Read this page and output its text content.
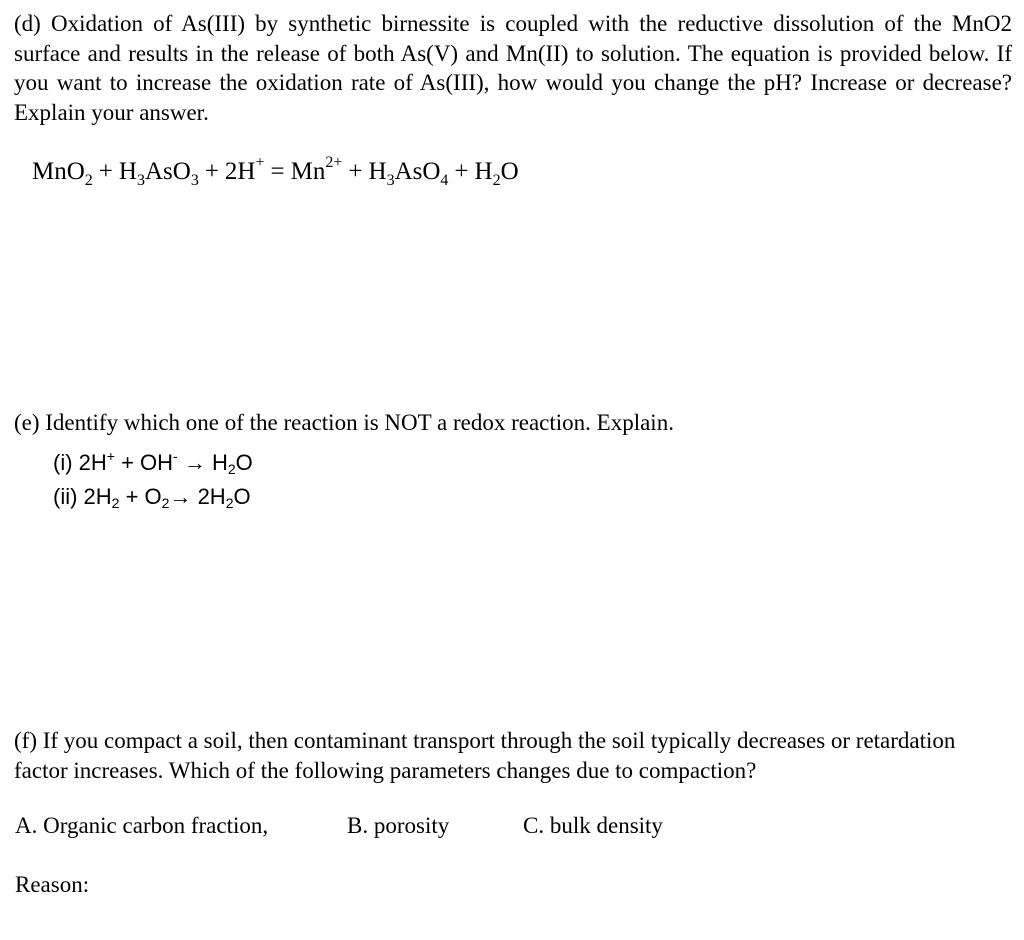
(d) Oxidation of As(III) by synthetic birnessite is coupled with the reductive dissolution of the MnO2 surface and results in the release of both As(V) and Mn(II) to solution. The equation is provided below. If you want to increase the oxidation rate of As(III), how would you change the pH? Increase or decrease? Explain your answer.

$MnO_2 + H_3AsO_3 + 2H^+ = Mn^{2+} + H_3AsO_4 + H_2O$
(e) Identify which one of the reaction is NOT a redox reaction. Explain.
(i) $2H^+ + OH^- \to H_2O$
(ii) $2H_2 + O_2\to 2H_2O$

(f) If you compact a soil, then contaminant transport through the soil typically decreases or retardation factor increases. Which of the following parameters changes due to compaction?

A. Organic carbon fraction,	B. porosity	C. bulk density
Reason:
